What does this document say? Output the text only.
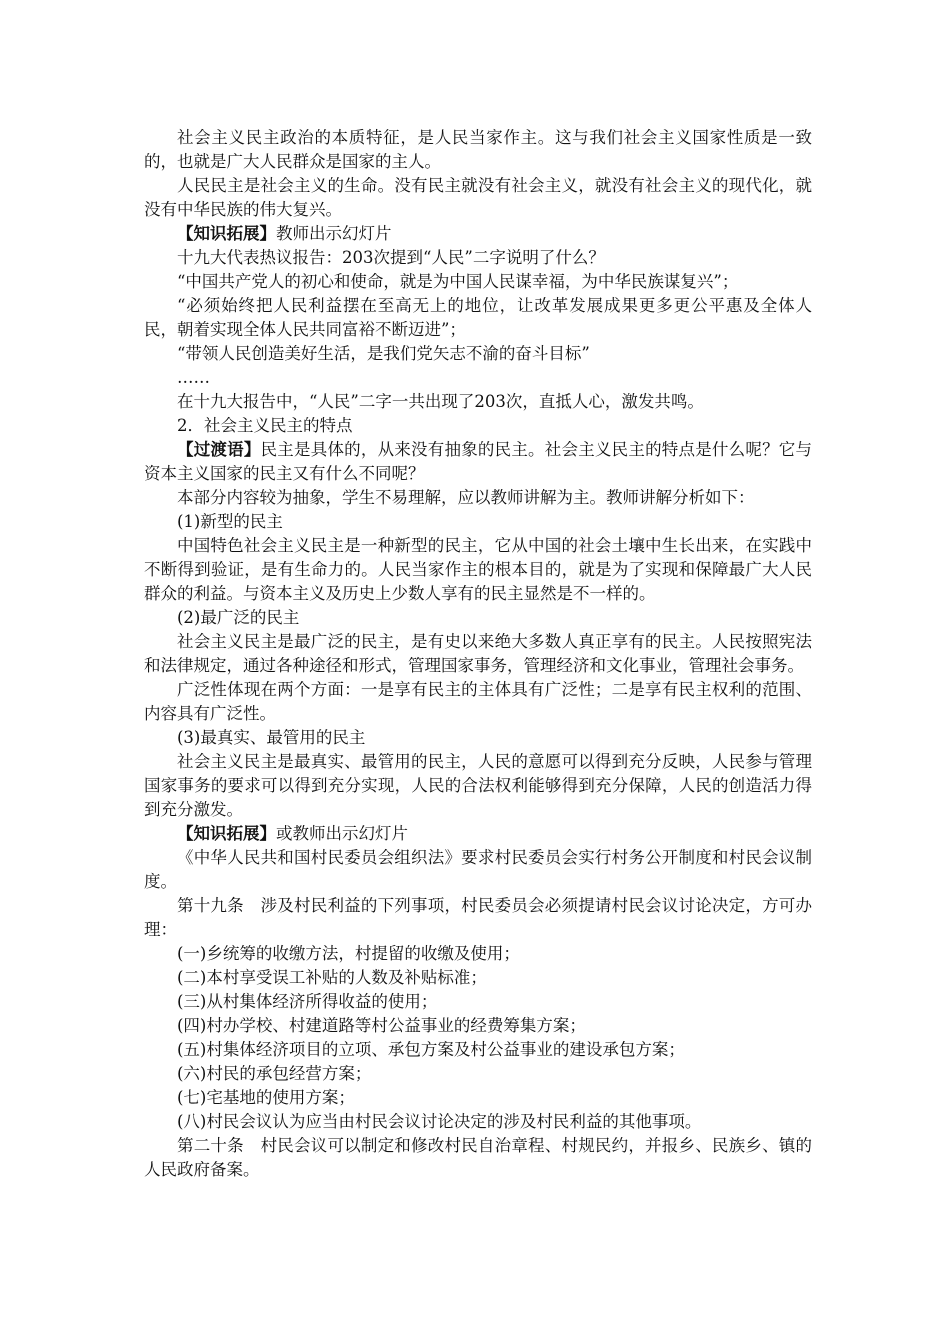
社会主义民主政治的本质特征，是人民当家作主。这与我们社会主义国家性质是一致的，也就是广大人民群众是国家的主人。

人民民主是社会主义的生命。没有民主就没有社会主义，就没有社会主义的现代化，就没有中华民族的伟大复兴。

【知识拓展】教师出示幻灯片

十九大代表热议报告：203次提到“人民”二字说明了什么？

“中国共产党人的初心和使命，就是为中国人民谋幸福，为中华民族谋复兴”；

“必须始终把人民利益摆在至高无上的地位，让改革发展成果更多更公平惠及全体人民，朝着实现全体人民共同富裕不断迈进”；

“带领人民创造美好生活，是我们党矢志不渝的奋斗目标”

……

在十九大报告中，“人民”二字一共出现了203次，直抵人心，激发共鸣。

2．社会主义民主的特点

【过渡语】民主是具体的，从来没有抽象的民主。社会主义民主的特点是什么呢？它与资本主义国家的民主又有什么不同呢？

本部分内容较为抽象，学生不易理解，应以教师讲解为主。教师讲解分析如下：

(1)新型的民主

中国特色社会主义民主是一种新型的民主，它从中国的社会土壤中生长出来，在实践中不断得到验证，是有生命力的。人民当家作主的根本目的，就是为了实现和保障最广大人民群众的利益。与资本主义及历史上少数人享有的民主显然是不一样的。

(2)最广泛的民主

社会主义民主是最广泛的民主，是有史以来绝大多数人真正享有的民主。人民按照宪法和法律规定，通过各种途径和形式，管理国家事务，管理经济和文化事业，管理社会事务。

广泛性体现在两个方面：一是享有民主的主体具有广泛性；二是享有民主权利的范围、内容具有广泛性。

(3)最真实、最管用的民主

社会主义民主是最真实、最管用的民主，人民的意愿可以得到充分反映，人民参与管理国家事务的要求可以得到充分实现，人民的合法权利能够得到充分保障，人民的创造活力得到充分激发。

【知识拓展】或教师出示幻灯片

《中华人民共和国村民委员会组织法》要求村民委员会实行村务公开制度和村民会议制度。

第十九条　涉及村民利益的下列事项，村民委员会必须提请村民会议讨论决定，方可办理：

(一)乡统筹的收缴方法，村提留的收缴及使用；

(二)本村享受误工补贴的人数及补贴标准；

(三)从村集体经济所得收益的使用；

(四)村办学校、村建道路等村公益事业的经费筹集方案；

(五)村集体经济项目的立项、承包方案及村公益事业的建设承包方案；

(六)村民的承包经营方案；

(七)宅基地的使用方案；

(八)村民会议认为应当由村民会议讨论决定的涉及村民利益的其他事项。

第二十条　村民会议可以制定和修改村民自治章程、村规民约，并报乡、民族乡、镇的人民政府备案。
